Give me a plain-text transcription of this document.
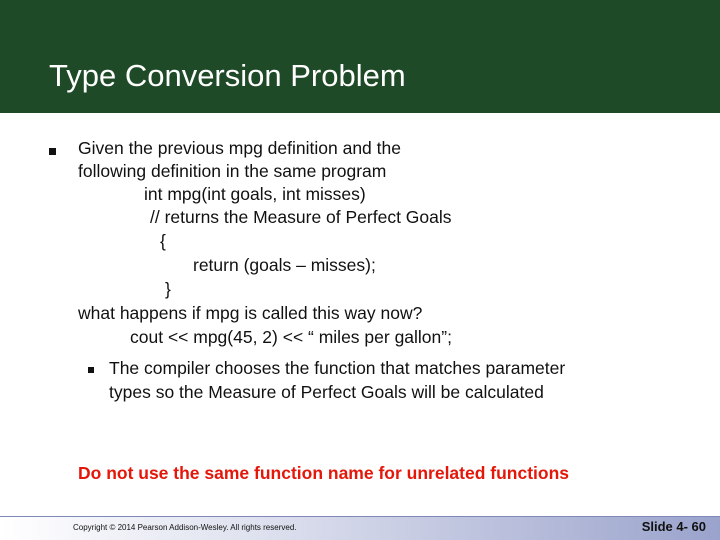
Type Conversion Problem
Given the previous mpg definition and the
following definition in the same program
int mpg(int goals, int misses)
// returns the Measure of Perfect Goals
{
return (goals – misses);
}
what happens if mpg is called this way now?
cout << mpg(45, 2) << “ miles per gallon”;
The compiler chooses the function that matches parameter
types so the Measure of Perfect Goals will be calculated
Do not use the same function name for unrelated functions
Copyright © 2014 Pearson Addison-Wesley. All rights reserved.	Slide 4- 60
